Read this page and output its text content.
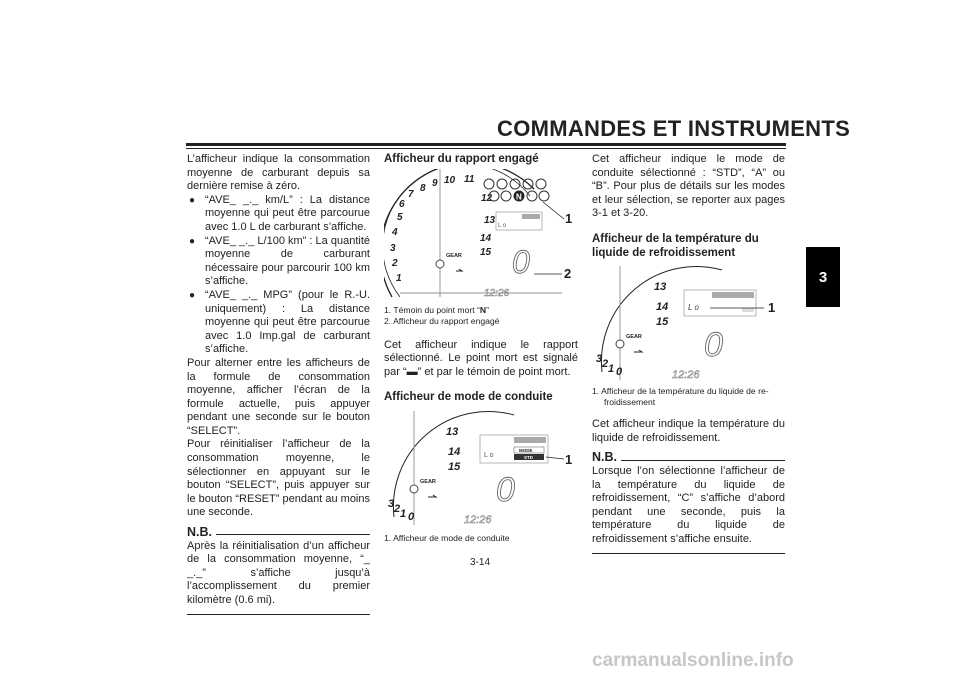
COMMANDES ET INSTRUMENTS
3

L’afficheur indique la consommation moyenne de carburant depuis sa dernière remise à zéro.

● “AVE_ _._ km/L” : La distance moyenne qui peut être parcourue avec 1.0 L de carburant s’affiche.
● “AVE_ _._ L/100 km” : La quantité moyenne de carburant nécessaire pour parcourir 100 km s’affiche.
● “AVE_ _._ MPG” (pour le R.-U. uniquement) : La distance moyenne qui peut être parcourue avec 1.0 Imp.gal de carburant s’affiche.

Pour alterner entre les afficheurs de la formule de consommation moyenne, afficher l’écran de la formule actuelle, puis appuyer pendant une seconde sur le bouton “SELECT”.

Pour réinitialiser l’afficheur de la consommation moyenne, le sélectionner en appuyant sur le bouton “SELECT”, puis appuyer sur le bouton “RESET” pendant au moins une seconde.

N.B.

Après la réinitialisation d’un afficheur de la consommation moyenne, “_ _._” s’affiche jusqu’à l’accomplissement du premier kilomètre (0.6 mi).

Afficheur du rapport engagé
1
2
3
4
5
6
7
8 9 10 11
12
13
14
15
N
L o
GEAR 0
12:26
1
2

1. Témoin du point mort “N”

2. Afficheur du rapport engagé

Cet afficheur indique le rapport sélectionné. Le point mort est signalé par “▬” et par le témoin de point mort.

Afficheur de mode de conduite
13
14
15
3 2 1 0
MODE
STD
L o
GEAR 0
12:26
1

1. Afficheur de mode de conduite

Cet afficheur indique le mode de conduite sélectionné : “STD”, “A” ou “B”. Pour plus de détails sur les modes et leur sélection, se reporter aux pages 3-1 et 3-20.

Afficheur de la température du liquide de refroidissement
13
14
15
3 2 1 0
L o
GEAR 0
12:26
1

1. Afficheur de la température du liquide de re-

froidissement

Cet afficheur indique la température du liquide de refroidissement.

N.B.

Lorsque l’on sélectionne l’afficheur de la température du liquide de refroidissement, “C” s’affiche d’abord pendant une seconde, puis la température du liquide de refroidissement s’affiche ensuite.

3-14
carmanualsonline.info
